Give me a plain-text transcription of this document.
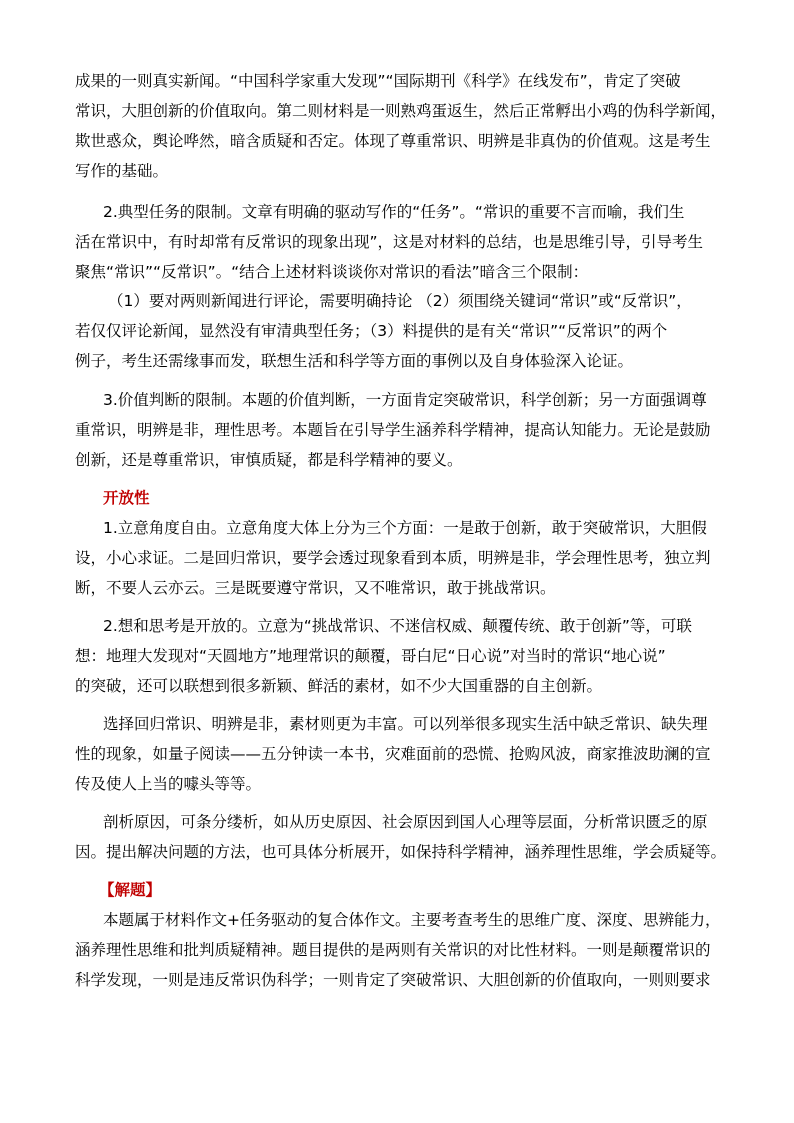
成果的一则真实新闻。“中国科学家重大发现”“国际期刊《科学》在线发布”，肯定了突破
常识，大胆创新的价值取向。第二则材料是一则熟鸡蛋返生，然后正常孵出小鸡的伪科学新闻，
欺世惑众，舆论哗然，暗含质疑和否定。体现了尊重常识、明辨是非真伪的价值观。这是考生
写作的基础。
2.典型任务的限制。文章有明确的驱动写作的“任务”。“常识的重要不言而喻，我们生
活在常识中，有时却常有反常识的现象出现”，这是对材料的总结，也是思维引导，引导考生
聚焦“常识”“反常识”。“结合上述材料谈谈你对常识的看法”暗含三个限制：
（1）要对两则新闻进行评论，需要明确持论 （2）须围绕关键词“常识”或“反常识”，
若仅仅评论新闻，显然没有审清典型任务；（3）料提供的是有关“常识”“反常识”的两个
例子，考生还需缘事而发，联想生活和科学等方面的事例以及自身体验深入论证。
3.价值判断的限制。本题的价值判断，一方面肯定突破常识，科学创新；另一方面强调尊
重常识，明辨是非，理性思考。本题旨在引导学生涵养科学精神，提高认知能力。无论是鼓励
创新，还是尊重常识，审慎质疑，都是科学精神的要义。
开放性
1.立意角度自由。立意角度大体上分为三个方面：一是敢于创新，敢于突破常识，大胆假
设，小心求证。二是回归常识，要学会透过现象看到本质，明辨是非，学会理性思考，独立判
断，不要人云亦云。三是既要遵守常识，又不唯常识，敢于挑战常识。
2.想和思考是开放的。立意为“挑战常识、不迷信权威、颠覆传统、敢于创新”等，可联
想：地理大发现对“天圆地方”地理常识的颠覆，哥白尼“日心说”对当时的常识“地心说”
的突破，还可以联想到很多新颖、鲜活的素材，如不少大国重器的自主创新。
选择回归常识、明辨是非，素材则更为丰富。可以列举很多现实生活中缺乏常识、缺失理
性的现象，如量子阅读——五分钟读一本书，灾难面前的恐慌、抢购风波，商家推波助澜的宣
传及使人上当的噱头等等。
剖析原因，可条分缕析，如从历史原因、社会原因到国人心理等层面，分析常识匮乏的原
因。提出解决问题的方法，也可具体分析展开，如保持科学精神，涵养理性思维，学会质疑等。
【解题】
本题属于材料作文+任务驱动的复合体作文。主要考查考生的思维广度、深度、思辨能力，
涵养理性思维和批判质疑精神。题目提供的是两则有关常识的对比性材料。一则是颠覆常识的
科学发现，一则是违反常识伪科学；一则肯定了突破常识、大胆创新的价值取向，一则则要求
